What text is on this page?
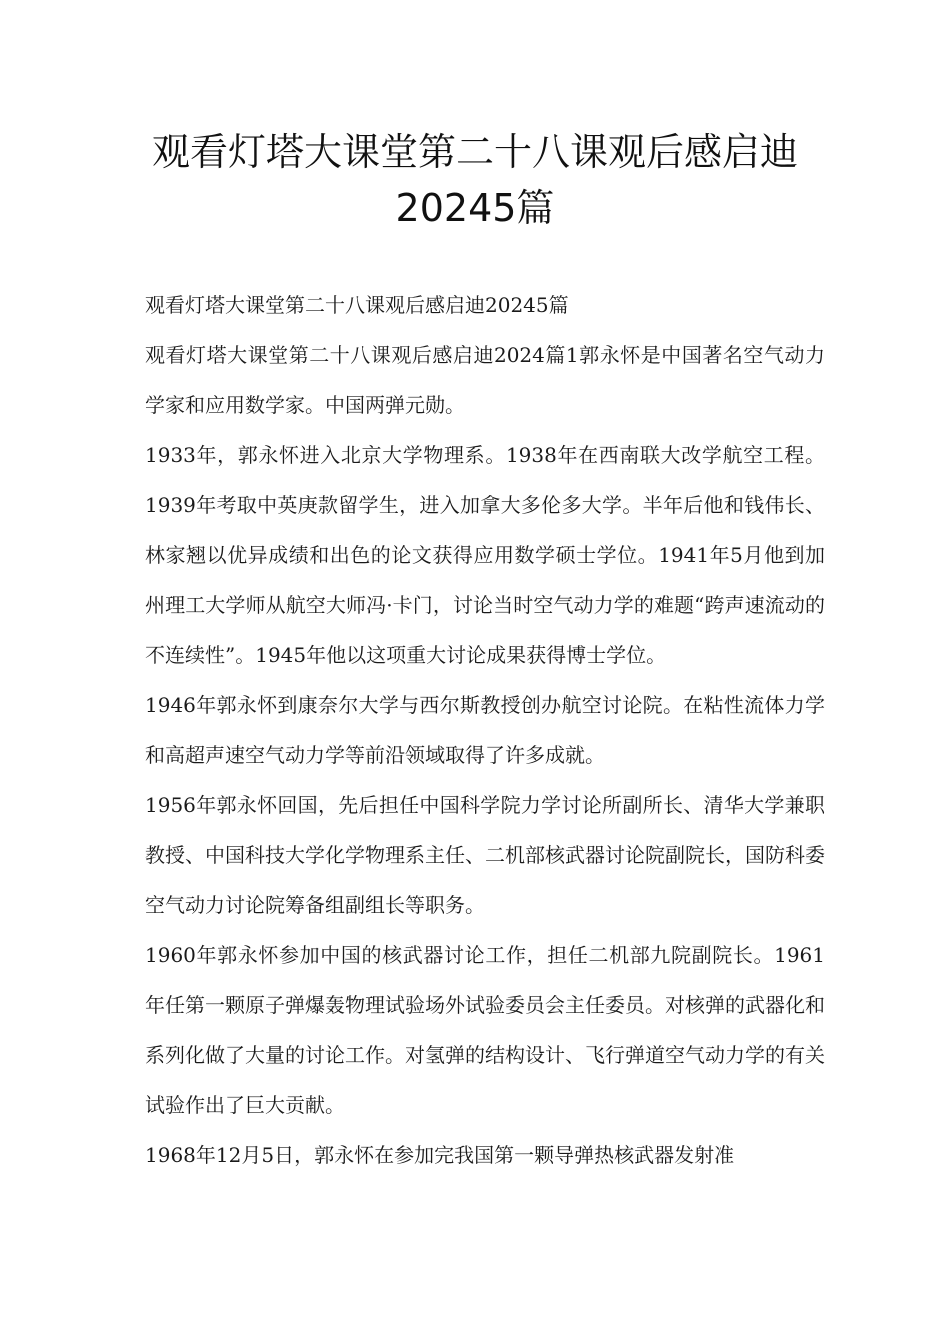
观看灯塔大课堂第二十八课观后感启迪
20245篇

观看灯塔大课堂第二十八课观后感启迪20245篇

观看灯塔大课堂第二十八课观后感启迪2024篇1郭永怀是中国著名空气动力学家和应用数学家。中国两弹元勋。

1933年，郭永怀进入北京大学物理系。1938年在西南联大改学航空工程。1939年考取中英庚款留学生，进入加拿大多伦多大学。半年后他和钱伟长、林家翘以优异成绩和出色的论文获得应用数学硕士学位。1941年5月他到加州理工大学师从航空大师冯·卡门，讨论当时空气动力学的难题“跨声速流动的不连续性”。1945年他以这项重大讨论成果获得博士学位。

1946年郭永怀到康奈尔大学与西尔斯教授创办航空讨论院。在粘性流体力学和高超声速空气动力学等前沿领域取得了许多成就。

1956年郭永怀回国，先后担任中国科学院力学讨论所副所长、清华大学兼职教授、中国科技大学化学物理系主任、二机部核武器讨论院副院长，国防科委空气动力讨论院筹备组副组长等职务。

1960年郭永怀参加中国的核武器讨论工作，担任二机部九院副院长。1961年任第一颗原子弹爆轰物理试验场外试验委员会主任委员。对核弹的武器化和系列化做了大量的讨论工作。对氢弹的结构设计、飞行弹道空气动力学的有关试验作出了巨大贡献。

1968年12月5日，郭永怀在参加完我国第一颗导弹热核武器发射准
